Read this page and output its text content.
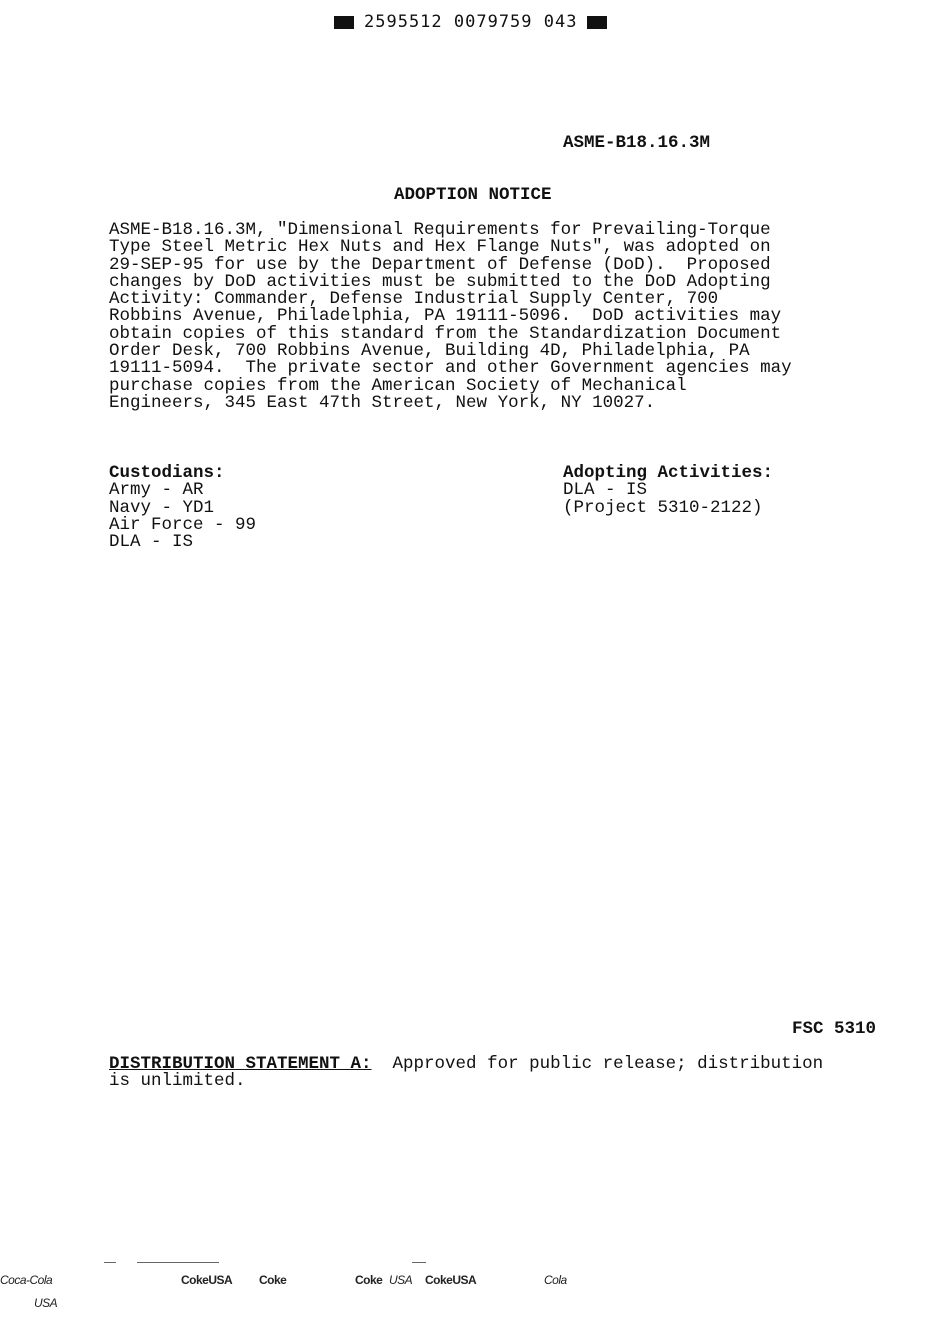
2595512 0079759 043
ASME-B18.16.3M
ADOPTION NOTICE
ASME-B18.16.3M, "Dimensional Requirements for Prevailing-Torque
Type Steel Metric Hex Nuts and Hex Flange Nuts", was adopted on
29-SEP-95 for use by the Department of Defense (DoD).  Proposed
changes by DoD activities must be submitted to the DoD Adopting
Activity: Commander, Defense Industrial Supply Center, 700
Robbins Avenue, Philadelphia, PA 19111-5096.  DoD activities may
obtain copies of this standard from the Standardization Document
Order Desk, 700 Robbins Avenue, Building 4D, Philadelphia, PA
19111-5094.  The private sector and other Government agencies may
purchase copies from the American Society of Mechanical
Engineers, 345 East 47th Street, New York, NY 10027.
Custodians:
Army - AR
Navy - YD1
Air Force - 99
DLA - IS
Adopting Activities:
DLA - IS
(Project 5310-2122)
FSC 5310
DISTRIBUTION STATEMENT A:  Approved for public release; distribution
is unlimited.
Coca-Cola
USA
CokeUSA Coke	Coke USA CokeUSA	Cola
